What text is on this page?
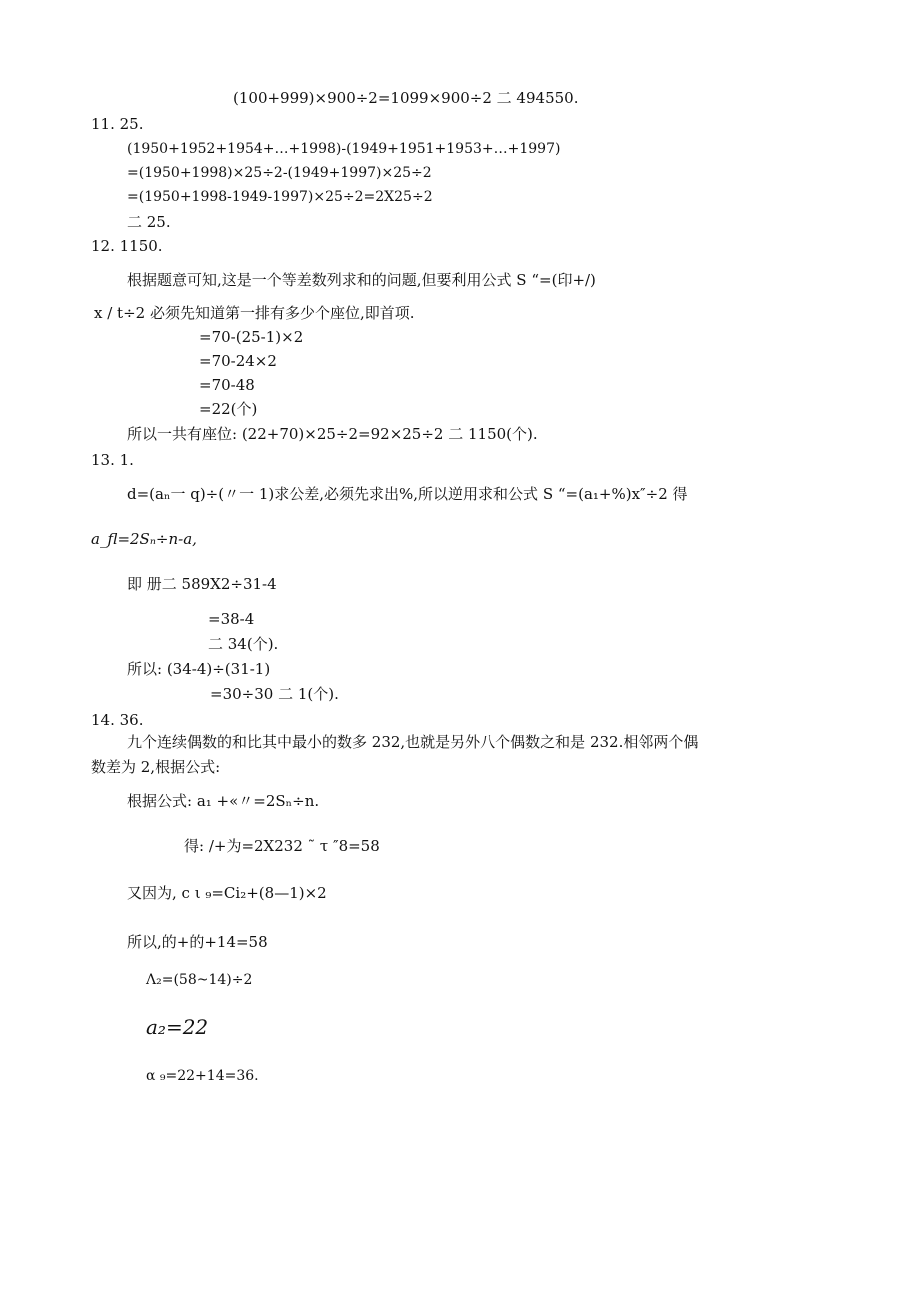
(100+999)×900÷2=1099×900÷2 二 494550.
11. 25.
(1950+1952+1954+…+1998)-(1949+1951+1953+…+1997)
=(1950+1998)×25÷2-(1949+1997)×25÷2
=(1950+1998-1949-1997)×25÷2=2X25÷2
二 25.
12. 1150.
根据题意可知,这是一个等差数列求和的问题,但要利用公式 S “=(印+/)
x / t÷2 必须先知道第一排有多少个座位,即首项.
=70-(25-1)×2
=70-24×2
=70-48
=22(个)
所以一共有座位: (22+70)×25÷2=92×25÷2 二 1150(个).
13. 1.
d=(aₙ一 q)÷(〃一 1)求公差,必须先求出%,所以逆用求和公式 S “=(a₁+%)x″÷2 得
a_fl=2Sₙ÷n-a,
即 册二 589X2÷31-4
=38-4
二 34(个).
所以: (34-4)÷(31-1)
=30÷30 二 1(个).
14. 36.
九个连续偶数的和比其中最小的数多 232,也就是另外八个偶数之和是 232.相邻两个偶
数差为 2,根据公式:
根据公式: a₁ +«〃=2Sₙ÷n.
得: /+为=2X232 ˜ τ ″8=58
又因为, c ι ₉=Ci₂+(8—1)×2
所以,的+的+14=58
Λ₂=(58~14)÷2
a₂=22
α ₉=22+14=36.
